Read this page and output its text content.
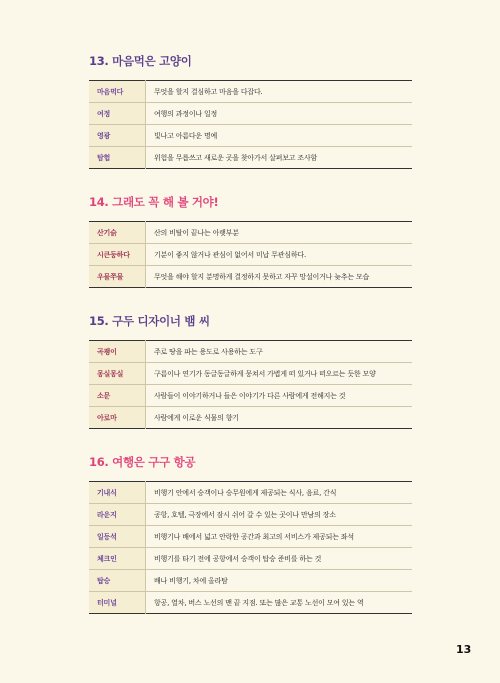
13. 마음먹은 고양이
마음먹다	무엇을 할지 결심하고 마음을 다잡다.
여정	여행의 과정이나 일정
영광	빛나고 아름다운 명예
탐험	위험을 무릅쓰고 새로운 곳을 찾아가서 살펴보고 조사함
14. 그래도 꼭 해 볼 거야!
산기슭	산의 비탈이 끝나는 아랫부분
시큰둥하다	기분이 좋지 않거나 관심이 없어서 미납 무관심하다.
우물쭈물	무엇을 해야 할지 분명하게 결정하지 못하고 자꾸 망설이거나 늦추는 모습
15. 구두 디자이너 뱀 씨
곡괭이	주로 땅을 파는 용도로 사용하는 도구
몽실몽실	구름이나 연기가 동글동글하게 뭉쳐서 가볍게 떠 있거나 떠오르는 듯한 모양
소문	사람들이 이야기하거나 들은 이야기가 다른 사람에게 전해지는 것
아로마	사람에게 이로운 식물의 향기
16. 여행은 구구 항공
기내식	비행기 안에서 승객이나 승무원에게 제공되는 식사, 음료, 간식
라운지	공항, 호텔, 극장에서 잠시 쉬어 갈 수 있는 곳이나 만남의 장소
일등석	비행기나 배에서 넓고 안락한 공간과 최고의 서비스가 제공되는 좌석
체크인	비행기를 타기 전에 공항에서 승객이 탑승 준비를 하는 것
탑승	배나 비행기, 차에 올라탐
터미널	항공, 열차, 버스 노선의 맨 끝 지점. 또는 많은 교통 노선이 모여 있는 역
13
